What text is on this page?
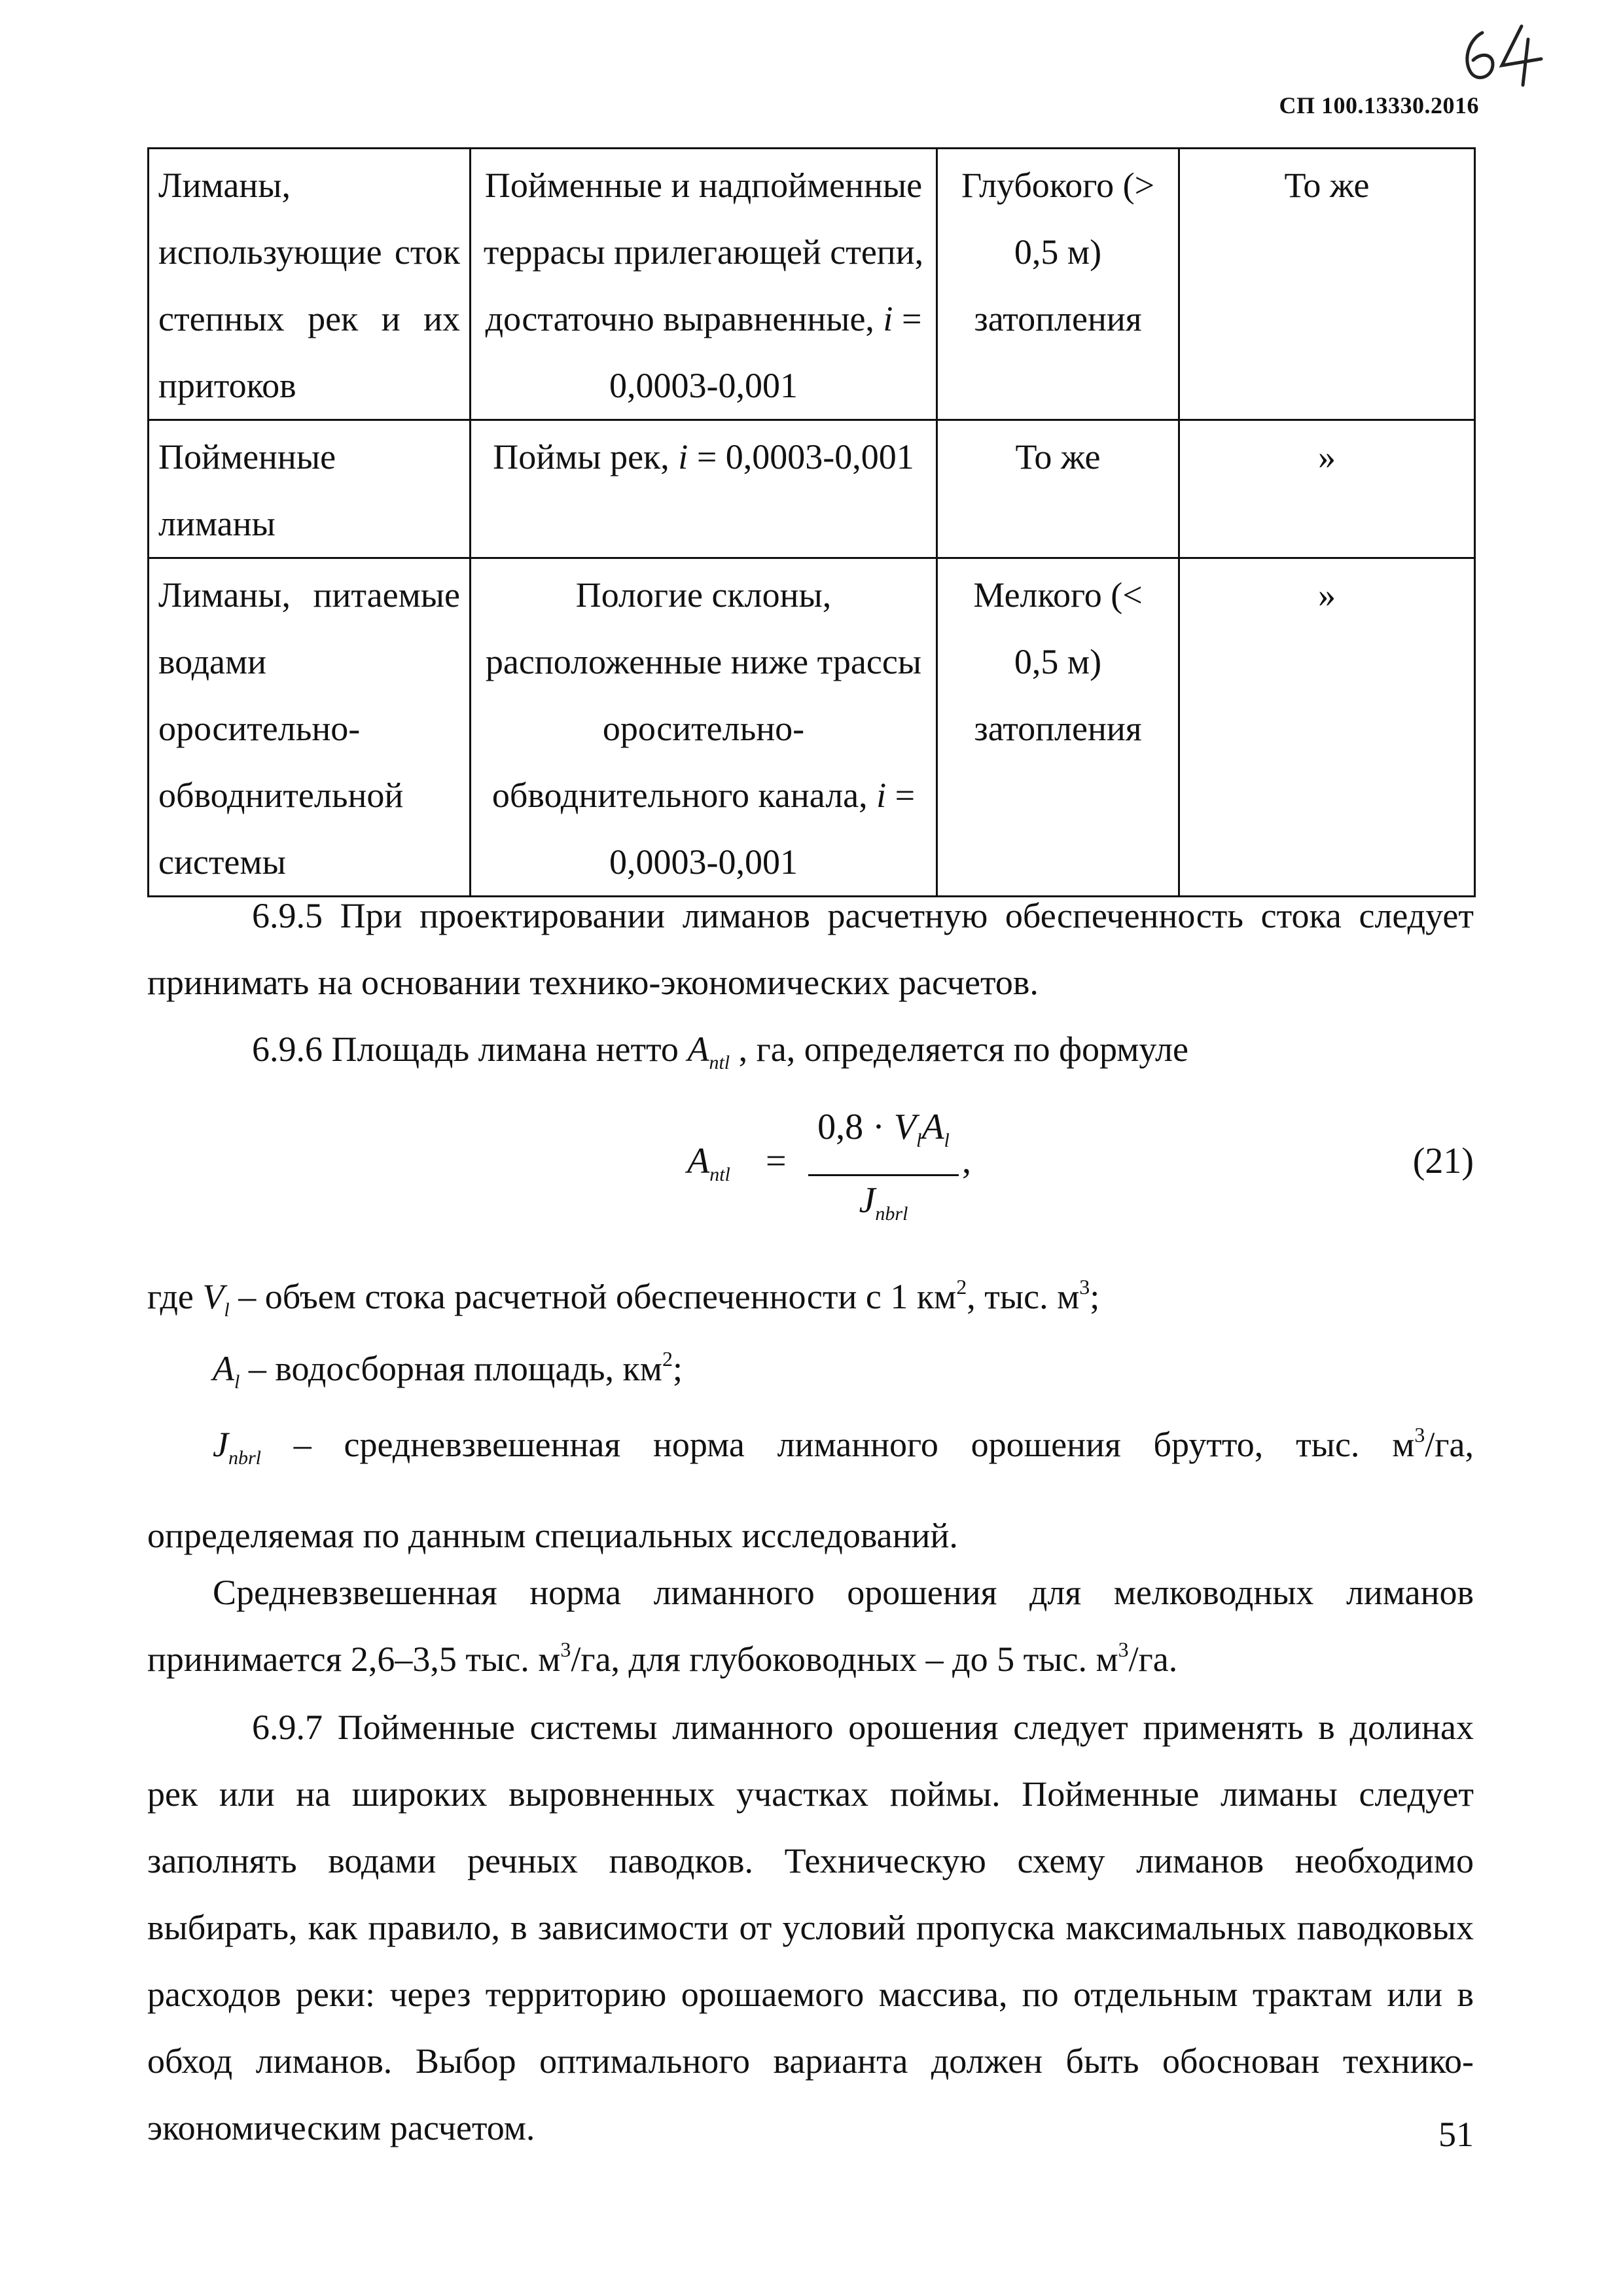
СП 100.13330.2016
Лиманы, использующие сток степных рек и их притоков	Пойменные и надпойменные террасы прилегающей степи, достаточно выравненные, i = 0,0003-0,001	Глубокого (> 0,5 м) затопления	То же
Пойменные лиманы	Поймы рек, i = 0,0003-0,001	То же	»
Лиманы, питаемые водами оросительно-обводнительной системы	Пологие склоны, расположенные ниже трассы оросительно-обводнительного канала, i = 0,0003-0,001	Мелкого (< 0,5 м) затопления	»
6.9.5 При проектировании лиманов расчетную обеспеченность стока следует принимать на основании технико-экономических расчетов.
6.9.6 Площадь лимана нетто $A_{ntl}$ , га, определяется по формуле
$A_{ntl}$ =
$0,8 \cdot V_lA_l$
$J_{nbrl}$
,	(21)
где $V_l$ – объем стока расчетной обеспеченности с 1 $км^2$, тыс. $м^3$;
$A_l$ – водосборная площадь, $км^2$;
$J_{nbrl}$ – средневзвешенная норма лиманного орошения брутто, тыс. $м^3/га$, определяемая по данным специальных исследований.
Средневзвешенная норма лиманного орошения для мелководных лиманов принимается 2,6–3,5 тыс. $м^3/га$, для глубоководных – до 5 тыс. $м^3/га$.
6.9.7 Пойменные системы лиманного орошения следует применять в долинах рек или на широких выровненных участках поймы. Пойменные лиманы следует заполнять водами речных паводков. Техническую схему лиманов необходимо выбирать, как правило, в зависимости от условий пропуска максимальных паводковых расходов реки: через территорию орошаемого массива, по отдельным трактам или в обход лиманов. Выбор оптимального варианта должен быть обоснован технико-экономическим расчетом.	51
